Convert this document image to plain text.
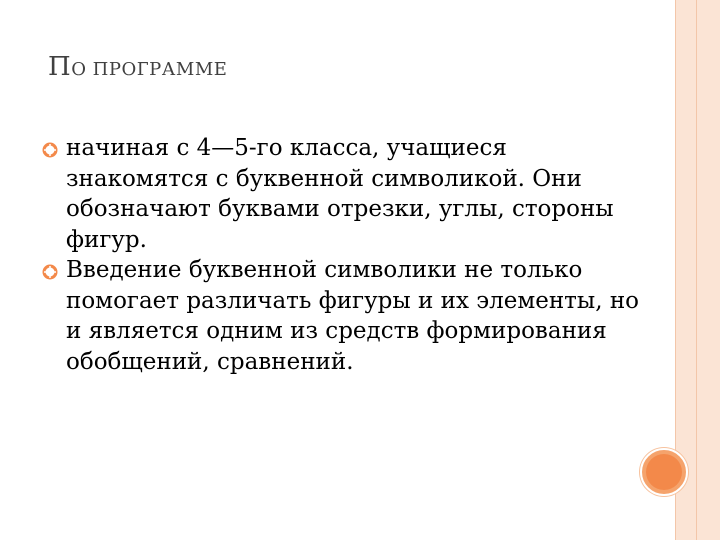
ПО ПРОГРАММЕ
начиная с 4—5-го класса, учащиеся знакомятся с буквенной символикой. Они обозначают буквами отрезки, углы, стороны фигур.
Введение буквенной символики не только помогает различать фигуры и их элементы, но и является одним из средств формирования обобщений, сравнений.
